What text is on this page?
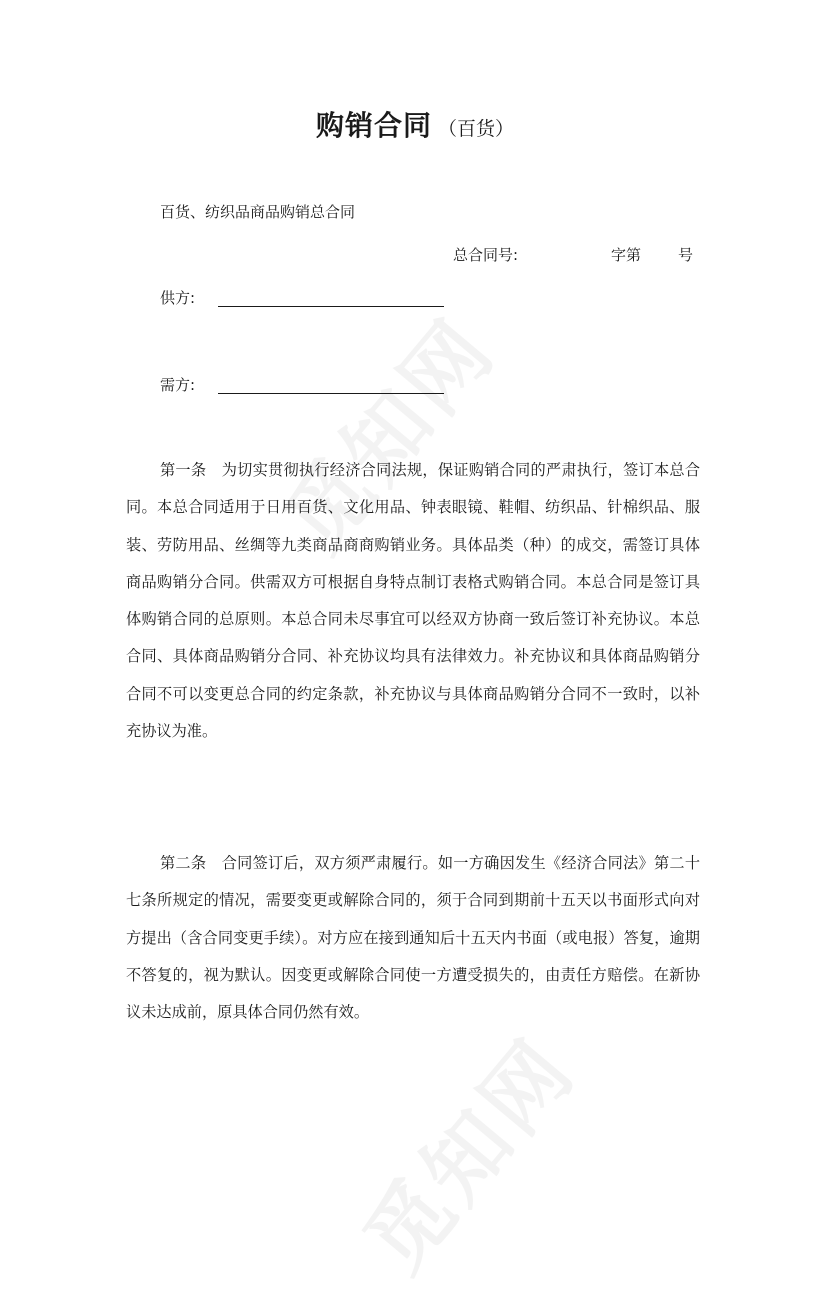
购销合同 （百货）
百货、纺织品商品购销总合同
总合同号:	字第 号
供方:
需方:

第一条　为切实贯彻执行经济合同法规，保证购销合同的严肃执行，签订本总合同。本总合同适用于日用百货、文化用品、钟表眼镜、鞋帽、纺织品、针棉织品、服装、劳防用品、丝绸等九类商品商商购销业务。具体品类（种）的成交，需签订具体商品购销分合同。供需双方可根据自身特点制订表格式购销合同。本总合同是签订具体购销合同的总原则。本总合同未尽事宜可以经双方协商一致后签订补充协议。本总合同、具体商品购销分合同、补充协议均具有法律效力。补充协议和具体商品购销分合同不可以变更总合同的约定条款，补充协议与具体商品购销分合同不一致时，以补充协议为准。

第二条　合同签订后，双方须严肃履行。如一方确因发生《经济合同法》第二十七条所规定的情况，需要变更或解除合同的，须于合同到期前十五天以书面形式向对方提出（含合同变更手续）。对方应在接到通知后十五天内书面（或电报）答复，逾期不答复的，视为默认。因变更或解除合同使一方遭受损失的，由责任方赔偿。在新协议未达成前，原具体合同仍然有效。
